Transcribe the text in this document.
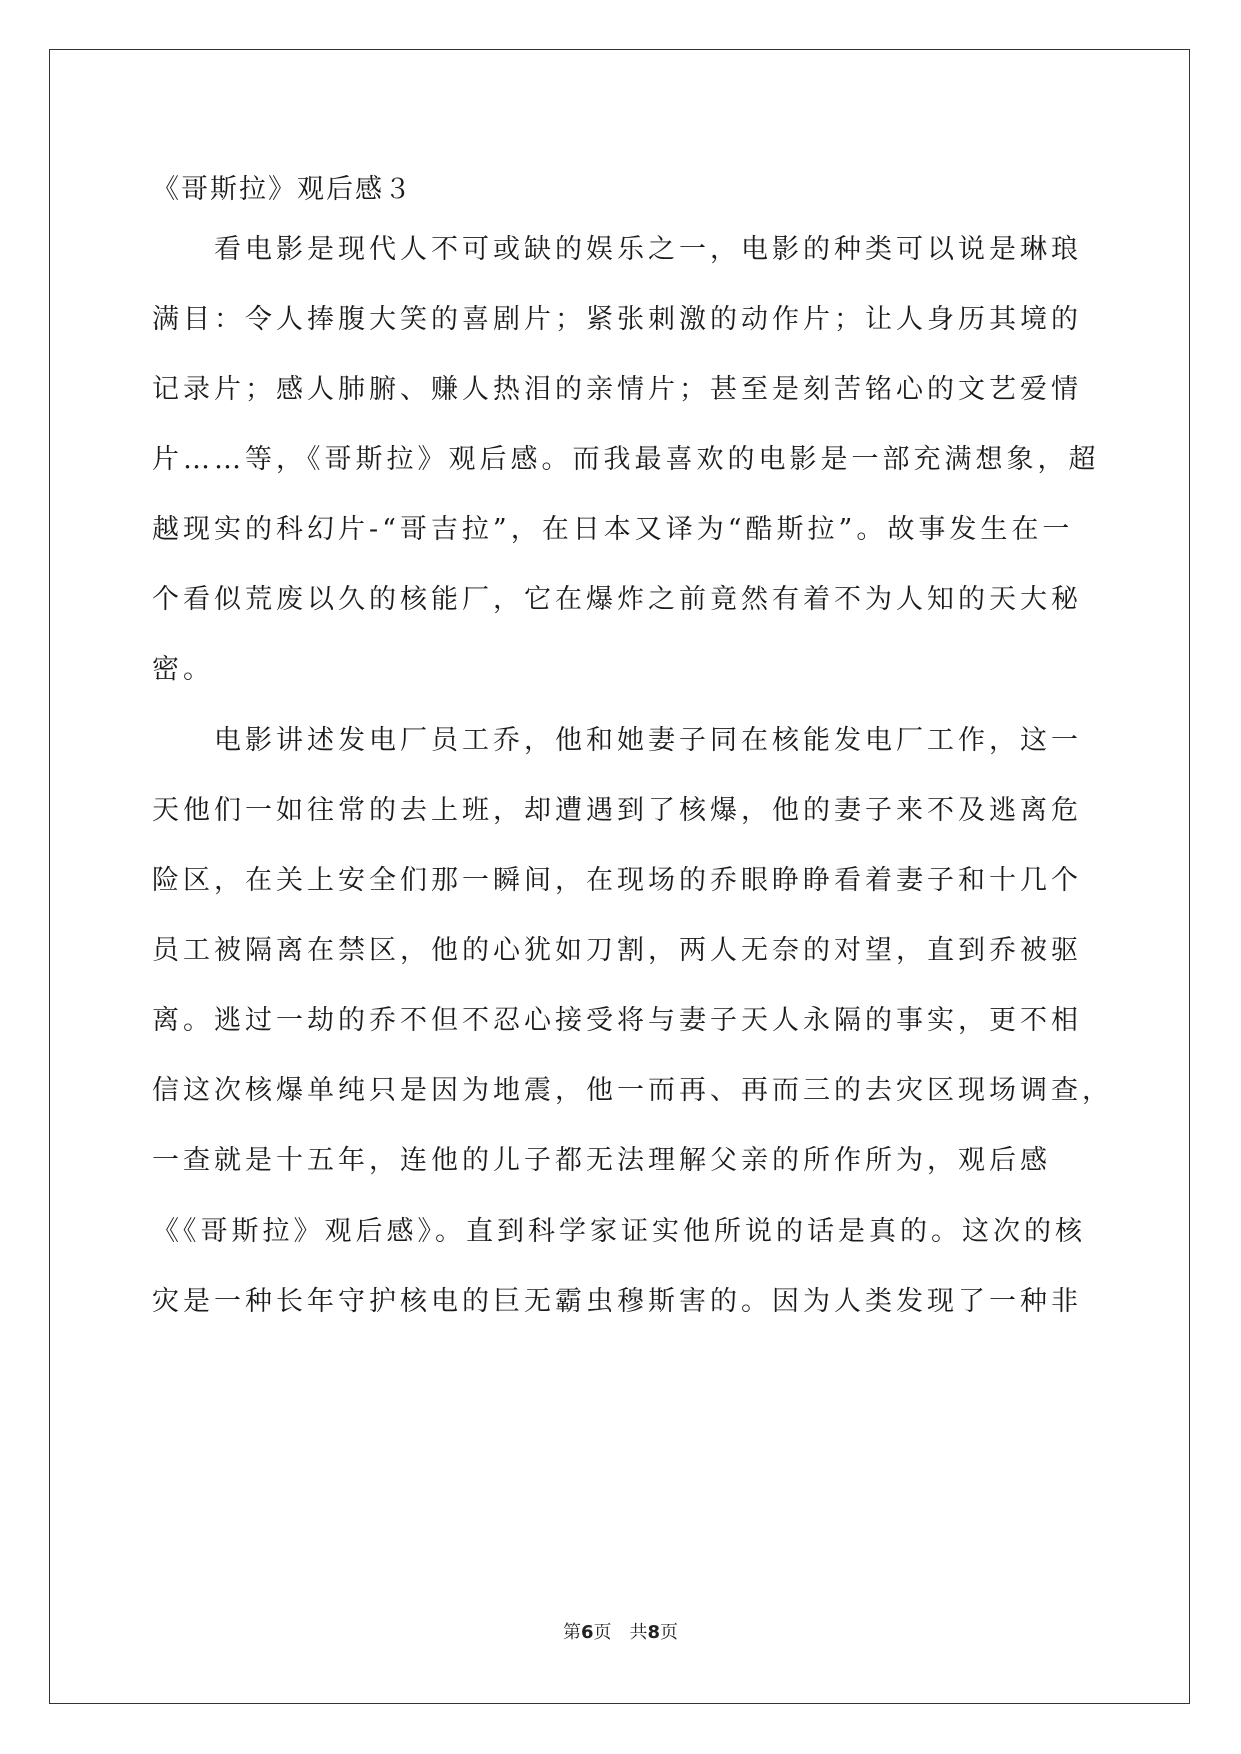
《哥斯拉》观后感３
　　看电影是现代人不可或缺的娱乐之一，电影的种类可以说是琳琅
满目：令人捧腹大笑的喜剧片；紧张刺激的动作片；让人身历其境的
记录片；感人肺腑、赚人热泪的亲情片；甚至是刻苦铭心的文艺爱情
片……等，《哥斯拉》观后感。而我最喜欢的电影是一部充满想象，超
越现实的科幻片-“哥吉拉”，在日本又译为“酷斯拉”。故事发生在一
个看似荒废以久的核能厂，它在爆炸之前竟然有着不为人知的天大秘
密。
　　电影讲述发电厂员工乔，他和她妻子同在核能发电厂工作，这一
天他们一如往常的去上班，却遭遇到了核爆，他的妻子来不及逃离危
险区，在关上安全们那一瞬间，在现场的乔眼睁睁看着妻子和十几个
员工被隔离在禁区，他的心犹如刀割，两人无奈的对望，直到乔被驱
离。逃过一劫的乔不但不忍心接受将与妻子天人永隔的事实，更不相
信这次核爆单纯只是因为地震，他一而再、再而三的去灾区现场调查，
一查就是十五年，连他的儿子都无法理解父亲的所作所为，观后感
《《哥斯拉》观后感》。直到科学家证实他所说的话是真的。这次的核
灾是一种长年守护核电的巨无霸虫穆斯害的。因为人类发现了一种非
第6页　共8页
